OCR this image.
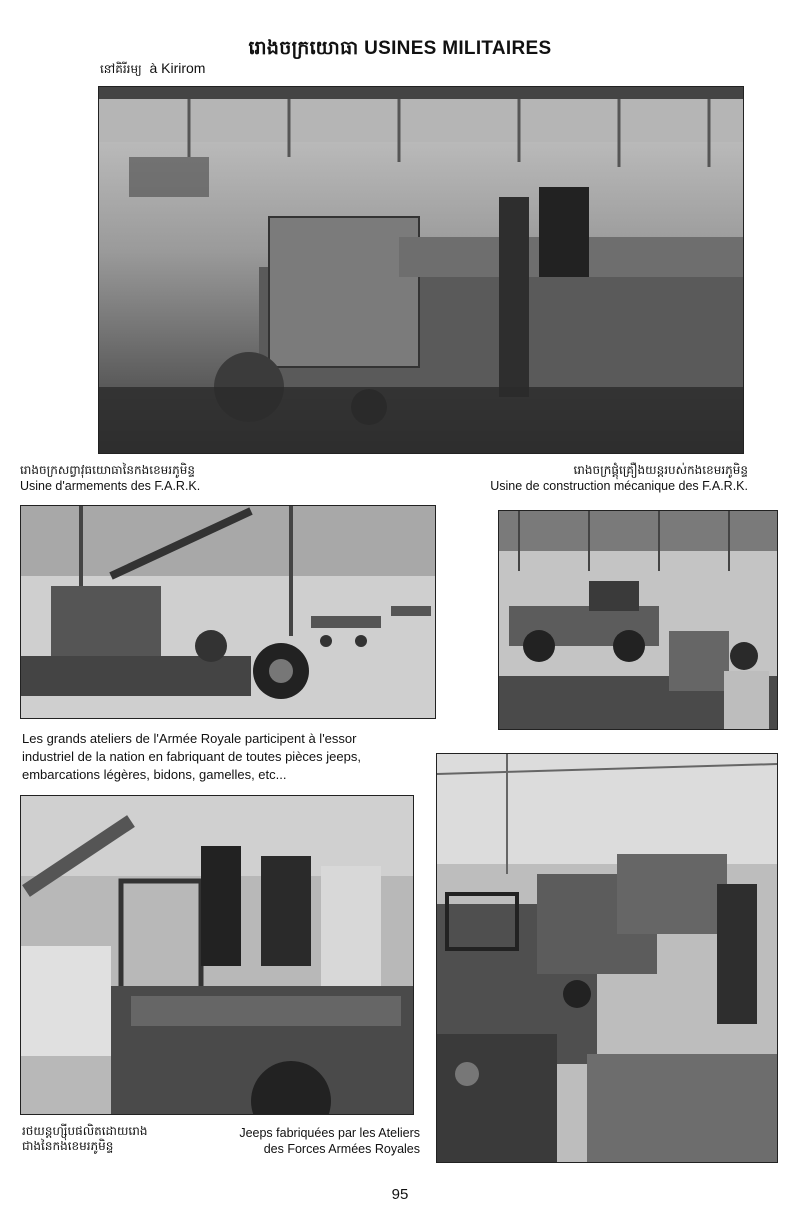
រោងចក្រយោធា USINES MILITAIRES
នៅគិរីរម្យ à Kirirom
រោងចក្រសព្វាវុធយោធានៃកងខេមរភូមិន្ទ
Usine d'armements des F.A.R.K.
រោងចក្រផ្គុំគ្រឿងយន្តរបស់កងខេមរភូមិន្ទ
Usine de construction mécanique des F.A.R.K.
Les grands ateliers de l'Armée Royale participent à l'essor
industriel de la nation en fabriquant de toutes pièces jeeps,
embarcations légères, bidons, gamelles, etc...
រថយន្តហ្ស៊ីបផលិតដោយរោង
ជាងនៃកងខេមរភូមិន្ទ
Jeeps fabriquées par les Ateliers
des Forces Armées Royales
95
